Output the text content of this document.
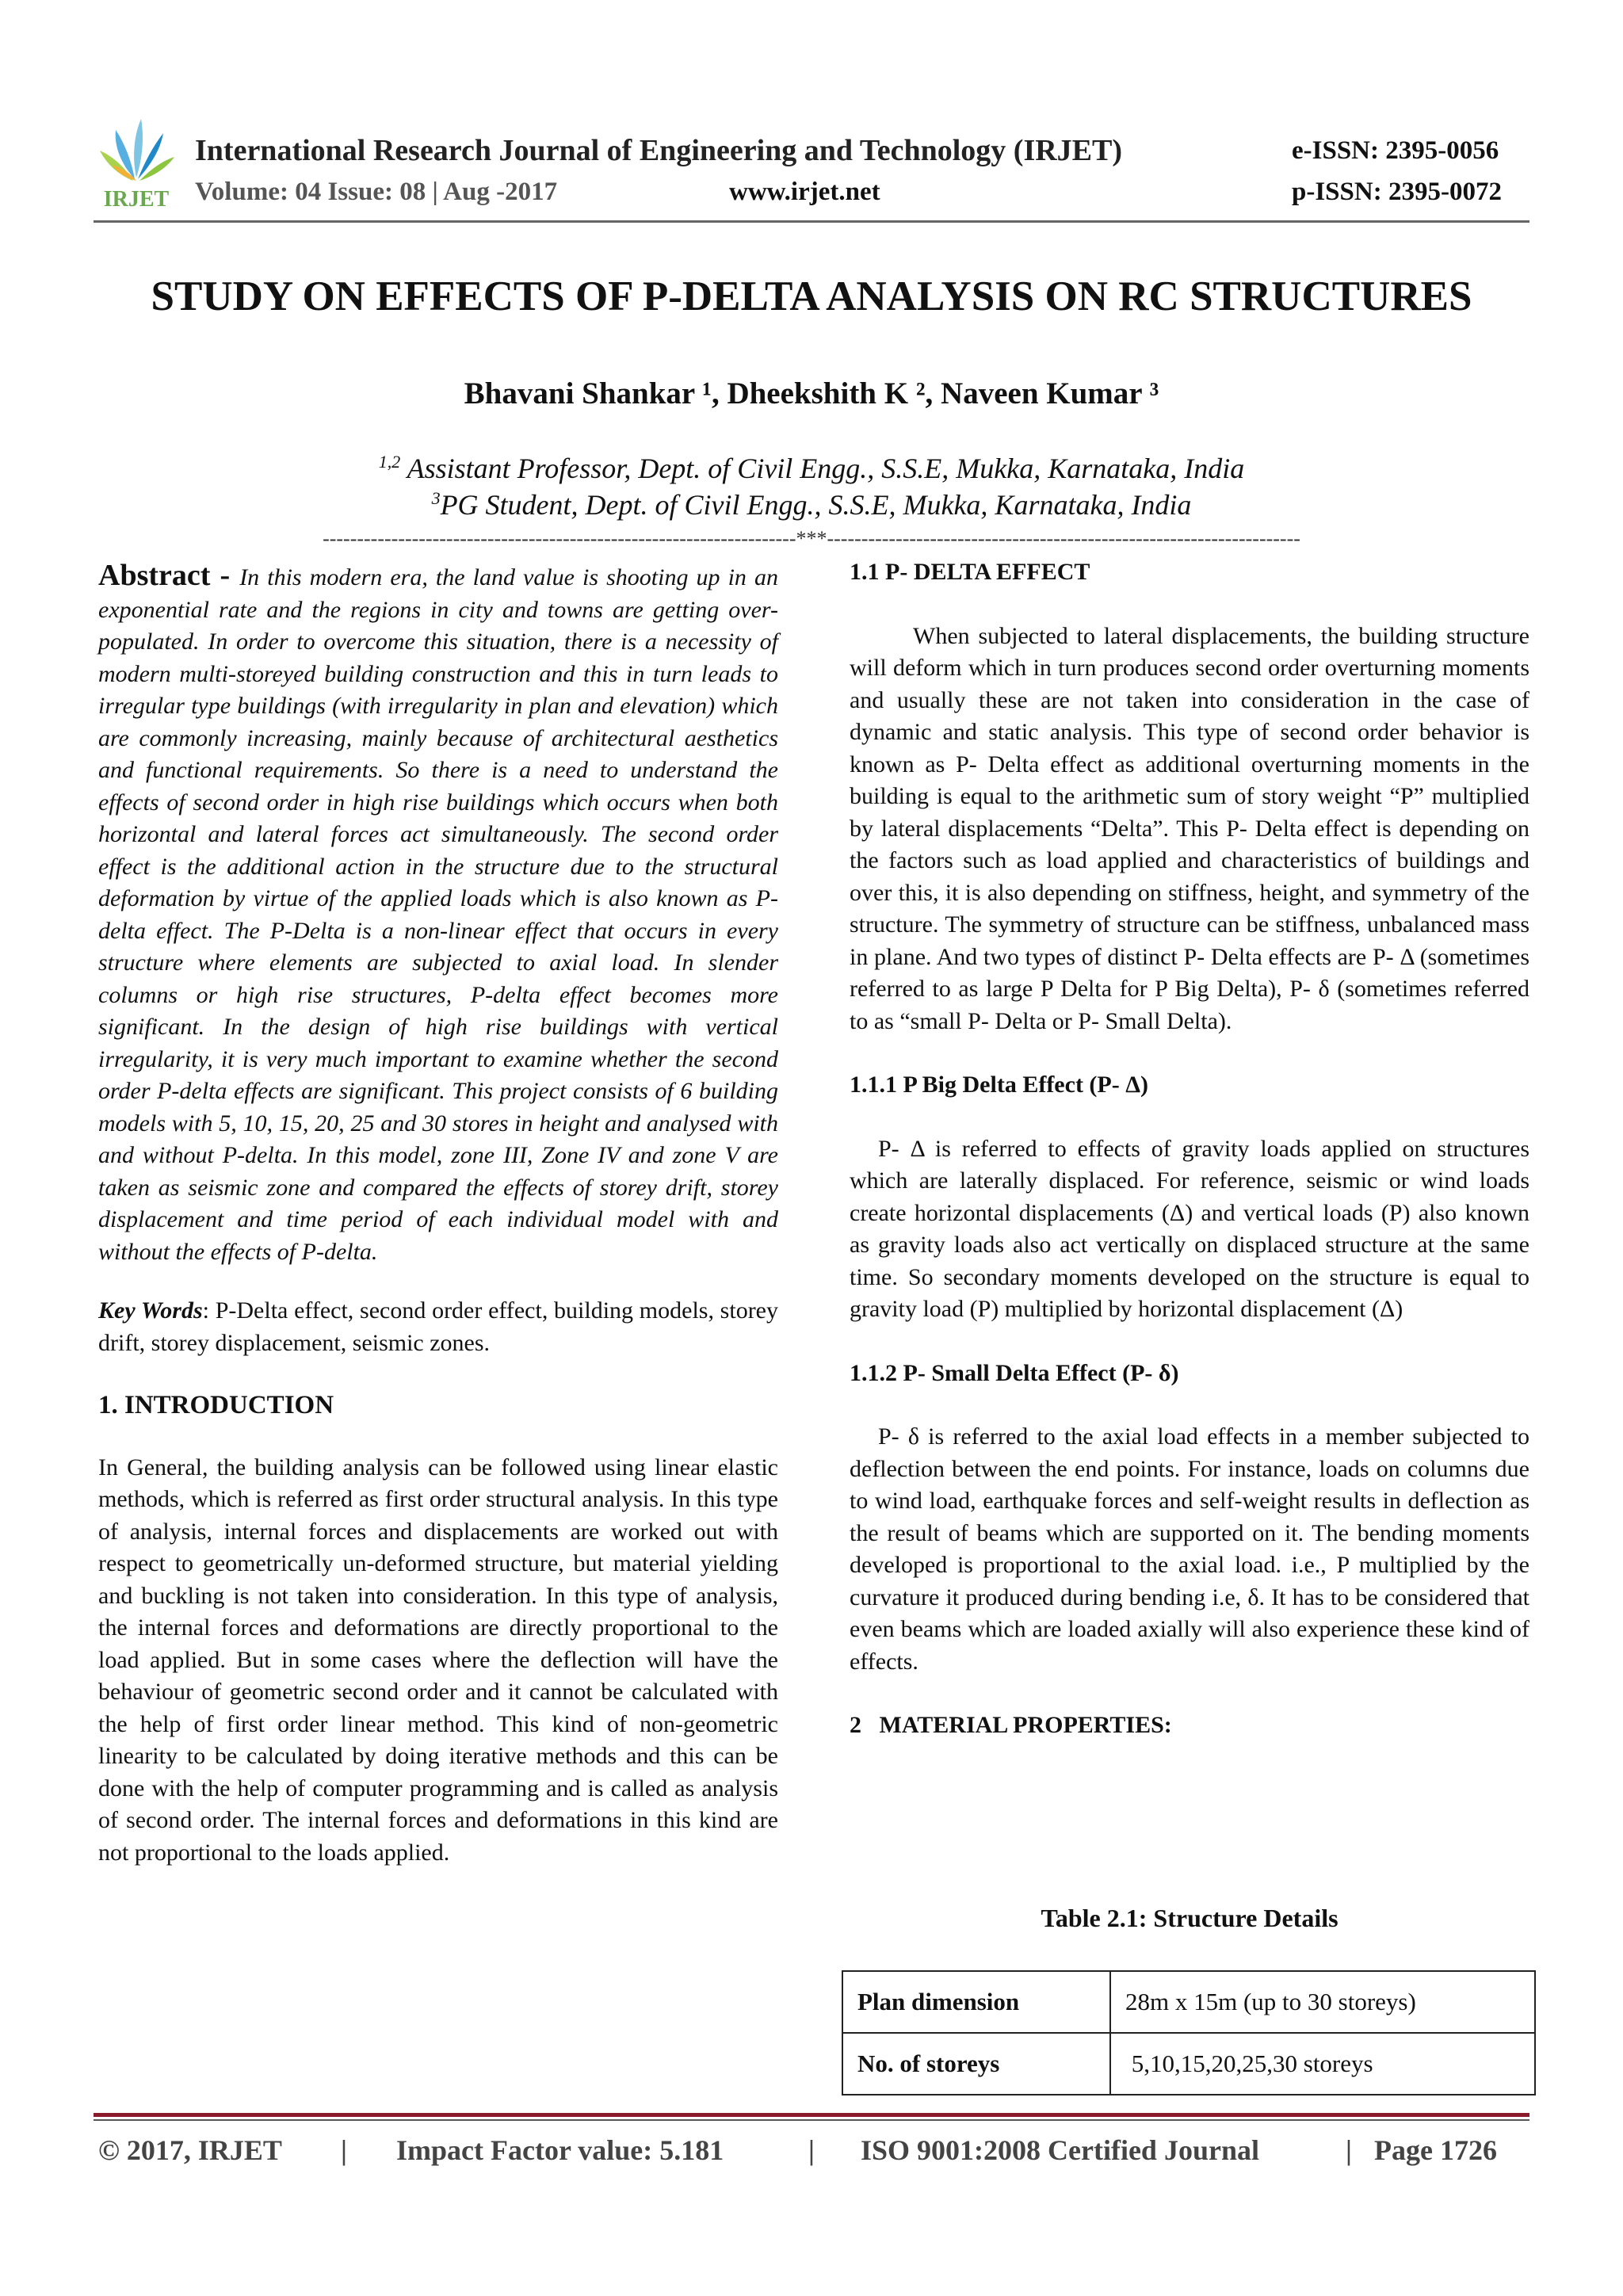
IRJET
International Research Journal of Engineering and Technology (IRJET)	e-ISSN: 2395-0056
Volume: 04 Issue: 08 | Aug -2017	www.irjet.net	p-ISSN: 2395-0072
STUDY ON EFFECTS OF P-DELTA ANALYSIS ON RC STRUCTURES
Bhavani Shankar ¹, Dheekshith K ², Naveen Kumar ³
$^{1,2}$ Assistant Professor, Dept. of Civil Engg., S.S.E, Mukka, Karnataka, India
$^3$PG Student, Dept. of Civil Engg., S.S.E, Mukka, Karnataka, India
---------------------------------------------------------------------***---------------------------------------------------------------------

Abstract - In this modern era, the land value is shooting up in an exponential rate and the regions in city and towns are getting over-populated. In order to overcome this situation, there is a necessity of modern multi-storeyed building construction and this in turn leads to irregular type buildings (with irregularity in plan and elevation) which are commonly increasing, mainly because of architectural aesthetics and functional requirements. So there is a need to understand the effects of second order in high rise buildings which occurs when both horizontal and lateral forces act simultaneously. The second order effect is the additional action in the structure due to the structural deformation by virtue of the applied loads which is also known as P-delta effect. The P-Delta is a non-linear effect that occurs in every structure where elements are subjected to axial load. In slender columns or high rise structures, P-delta effect becomes more significant. In the design of high rise buildings with vertical irregularity, it is very much important to examine whether the second order P-delta effects are significant. This project consists of 6 building models with 5, 10, 15, 20, 25 and 30 stores in height and analysed with and without P-delta. In this model, zone III, Zone IV and zone V are taken as seismic zone and compared the effects of storey drift, storey displacement and time period of each individual model with and without the effects of P-delta.

Key Words: P-Delta effect, second order effect, building models, storey drift, storey displacement, seismic zones.

1. INTRODUCTION

In General, the building analysis can be followed using linear elastic methods, which is referred as first order structural analysis. In this type of analysis, internal forces and displacements are worked out with respect to geometrically un-deformed structure, but material yielding and buckling is not taken into consideration. In this type of analysis, the internal forces and deformations are directly proportional to the load applied. But in some cases where the deflection will have the behaviour of geometric second order and it cannot be calculated with the help of first order linear method. This kind of non-geometric linearity to be calculated by doing iterative methods and this can be done with the help of computer programming and is called as analysis of second order. The internal forces and deformations in this kind are not proportional to the loads applied.

1.1 P- DELTA EFFECT

When subjected to lateral displacements, the building structure will deform which in turn produces second order overturning moments and usually these are not taken into consideration in the case of dynamic and static analysis. This type of second order behavior is known as P- Delta effect as additional overturning moments in the building is equal to the arithmetic sum of story weight “P” multiplied by lateral displacements “Delta”. This P- Delta effect is depending on the factors such as load applied and characteristics of buildings and over this, it is also depending on stiffness, height, and symmetry of the structure. The symmetry of structure can be stiffness, unbalanced mass in plane. And two types of distinct P- Delta effects are P- Δ (sometimes referred to as large P Delta for P Big Delta), P- δ (sometimes referred to as “small P- Delta or P- Small Delta).

1.1.1 P Big Delta Effect (P- Δ)

P- Δ is referred to effects of gravity loads applied on structures which are laterally displaced. For reference, seismic or wind loads create horizontal displacements (Δ) and vertical loads (P) also known as gravity loads also act vertically on displaced structure at the same time. So secondary moments developed on the structure is equal to gravity load (P) multiplied by horizontal displacement (Δ)

1.1.2 P- Small Delta Effect (P- δ)

P- δ is referred to the axial load effects in a member subjected to deflection between the end points. For instance, loads on columns due to wind load, earthquake forces and self-weight results in deflection as the result of beams which are supported on it. The bending moments developed is proportional to the axial load. i.e., P multiplied by the curvature it produced during bending i.e, δ. It has to be considered that even beams which are loaded axially will also experience these kind of effects.

2   MATERIAL PROPERTIES:

Table 2.1: Structure Details
Plan dimension	28m x 15m (up to 30 storeys)
No. of storeys	5,10,15,20,25,30 storeys
© 2017, IRJET	|	Impact Factor value: 5.181	|	ISO 9001:2008 Certified Journal	| Page 1726
